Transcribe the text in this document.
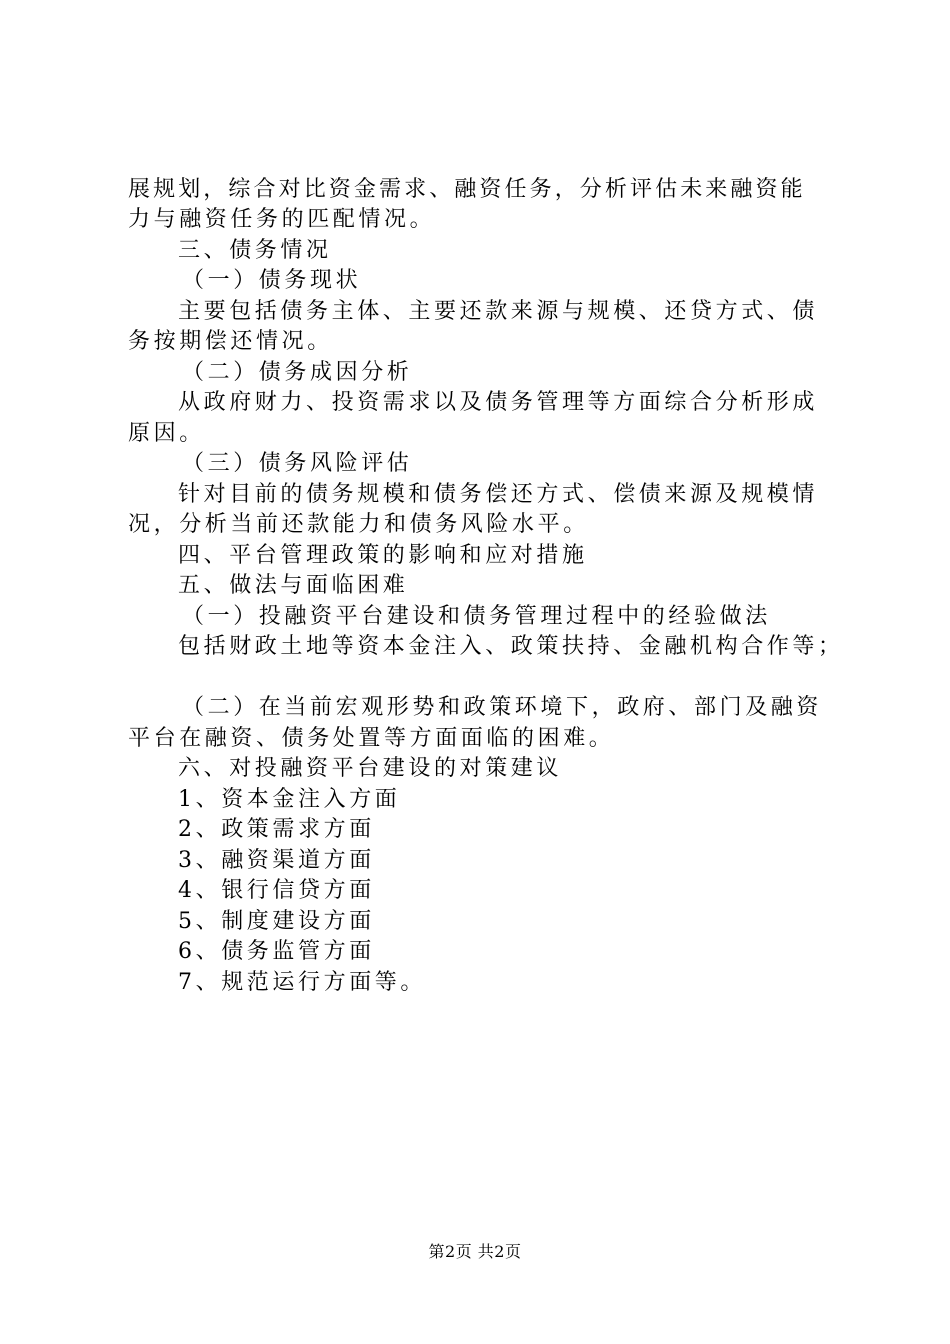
展规划，综合对比资金需求、融资任务，分析评估未来融资能
力与融资任务的匹配情况。
三、债务情况
（一）债务现状
主要包括债务主体、主要还款来源与规模、还贷方式、债
务按期偿还情况。
（二）债务成因分析
从政府财力、投资需求以及债务管理等方面综合分析形成
原因。
（三）债务风险评估
针对目前的债务规模和债务偿还方式、偿债来源及规模情
况，分析当前还款能力和债务风险水平。
四、平台管理政策的影响和应对措施
五、做法与面临困难
（一）投融资平台建设和债务管理过程中的经验做法
包括财政土地等资本金注入、政策扶持、金融机构合作等；
（二）在当前宏观形势和政策环境下，政府、部门及融资
平台在融资、债务处置等方面面临的困难。
六、对投融资平台建设的对策建议
1、资本金注入方面
2、政策需求方面
3、融资渠道方面
4、银行信贷方面
5、制度建设方面
6、债务监管方面
7、规范运行方面等。
第2页 共2页
